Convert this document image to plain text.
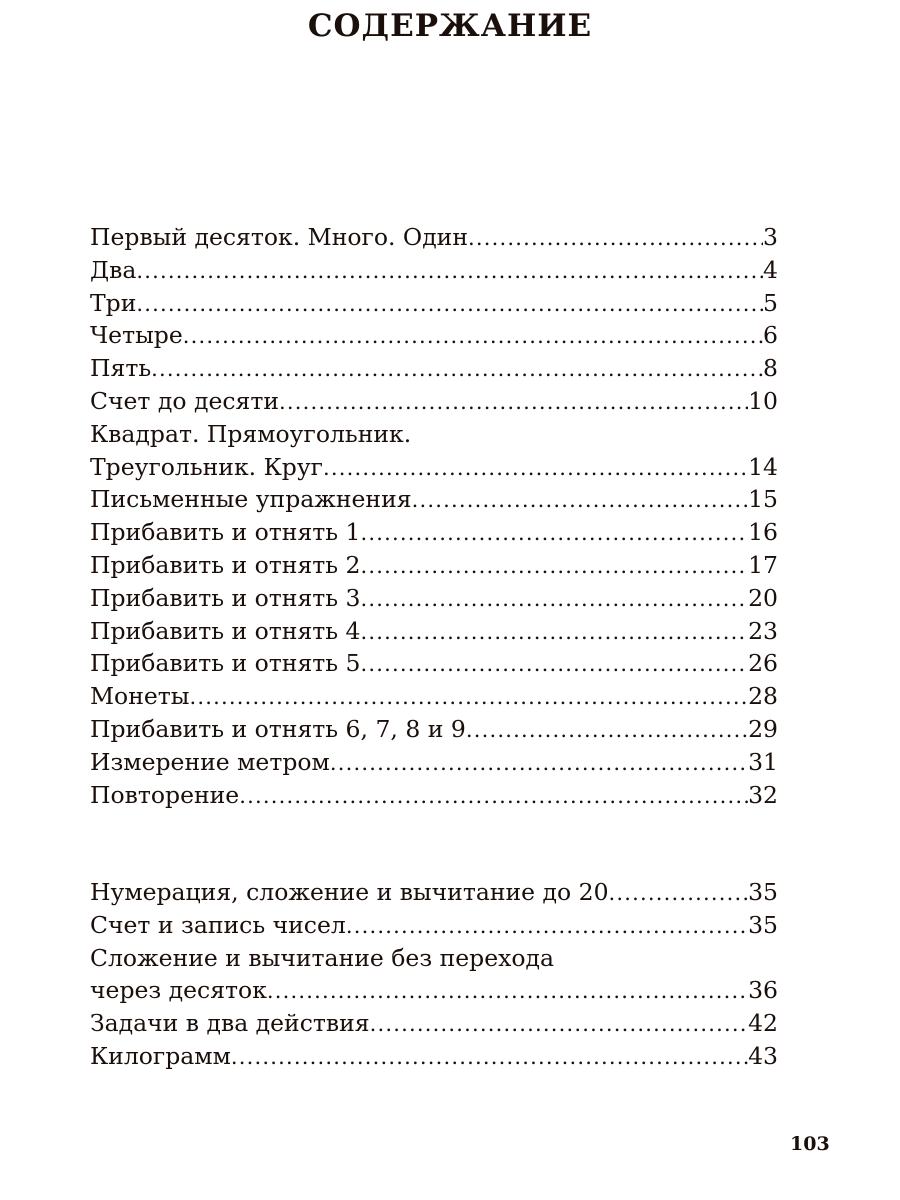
СОДЕРЖАНИЕ
Первый десяток. Много. Один .....	3
Два .....	4
Три .....	5
Четыре .....	6
Пять .....	8
Счет до десяти .....	10
Квадрат. Прямоугольник.
Треугольник. Круг .....	14
Письменные упражнения .....	15
Прибавить и отнять 1 .....	16
Прибавить и отнять 2 .....	17
Прибавить и отнять 3 .....	20
Прибавить и отнять 4 .....	23
Прибавить и отнять 5 .....	26
Монеты .....	28
Прибавить и отнять 6, 7, 8 и 9 .....	29
Измерение метром .....	31
Повторение .....	32
Нумерация, сложение и вычитание до 20 .....	35
Счет и запись чисел .....	35
Сложение и вычитание без перехода
через десяток .....	36
Задачи в два действия .....	42
Килограмм .....	43
103
